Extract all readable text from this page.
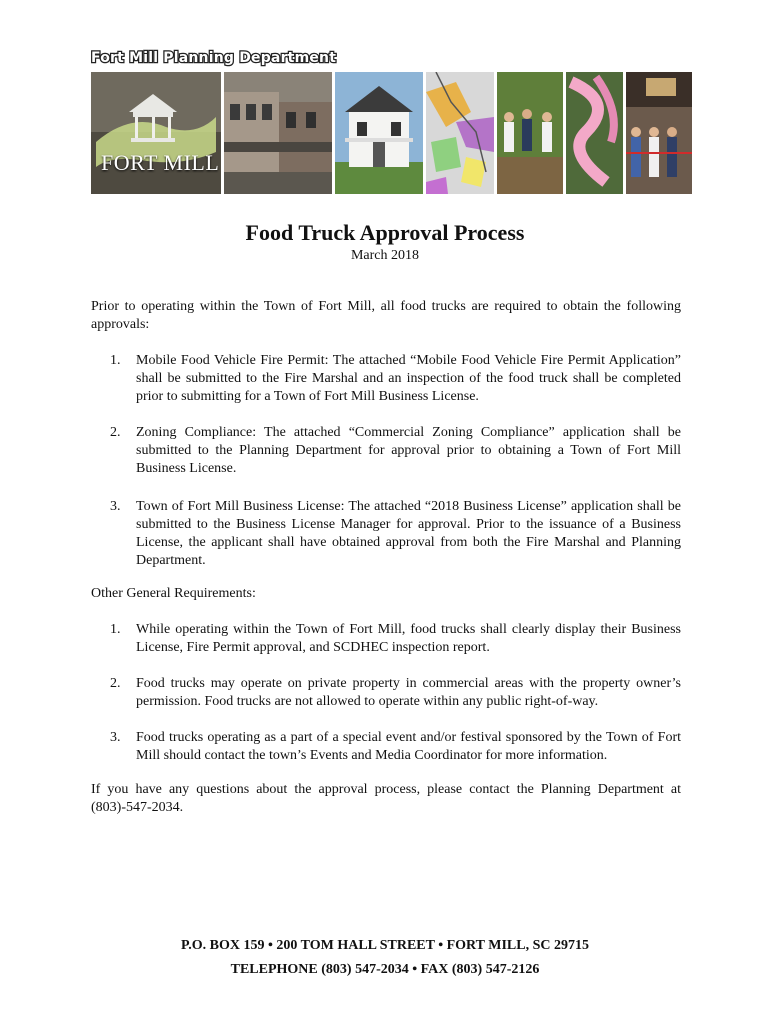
Fort Mill Planning Department
FORT MILL
Food Truck Approval Process
March 2018

Prior to operating within the Town of Fort Mill, all food trucks are required to obtain the following approvals:

1.	Mobile Food Vehicle Fire Permit: The attached “Mobile Food Vehicle Fire Permit Application” shall be submitted to the Fire Marshal and an inspection of the food truck shall be completed prior to submitting for a Town of Fort Mill Business License.
2.	Zoning Compliance: The attached “Commercial Zoning Compliance” application shall be submitted to the Planning Department for approval prior to obtaining a Town of Fort Mill Business License.
3.	Town of Fort Mill Business License: The attached “2018 Business License” application shall be submitted to the Business License Manager for approval. Prior to the issuance of a Business License, the applicant shall have obtained approval from both the Fire Marshal and Planning Department.

Other General Requirements:

1.	While operating within the Town of Fort Mill, food trucks shall clearly display their Business License, Fire Permit approval, and SCDHEC inspection report.
2.	Food trucks may operate on private property in commercial areas with the property owner’s permission. Food trucks are not allowed to operate within any public right-of-way.
3.	Food trucks operating as a part of a special event and/or festival sponsored by the Town of Fort Mill should contact the town’s Events and Media Coordinator for more information.

If you have any questions about the approval process, please contact the Planning Department at (803)-547-2034.

P.O. BOX 159 • 200 TOM HALL STREET • FORT MILL, SC 29715
TELEPHONE (803) 547-2034 • FAX (803) 547-2126
